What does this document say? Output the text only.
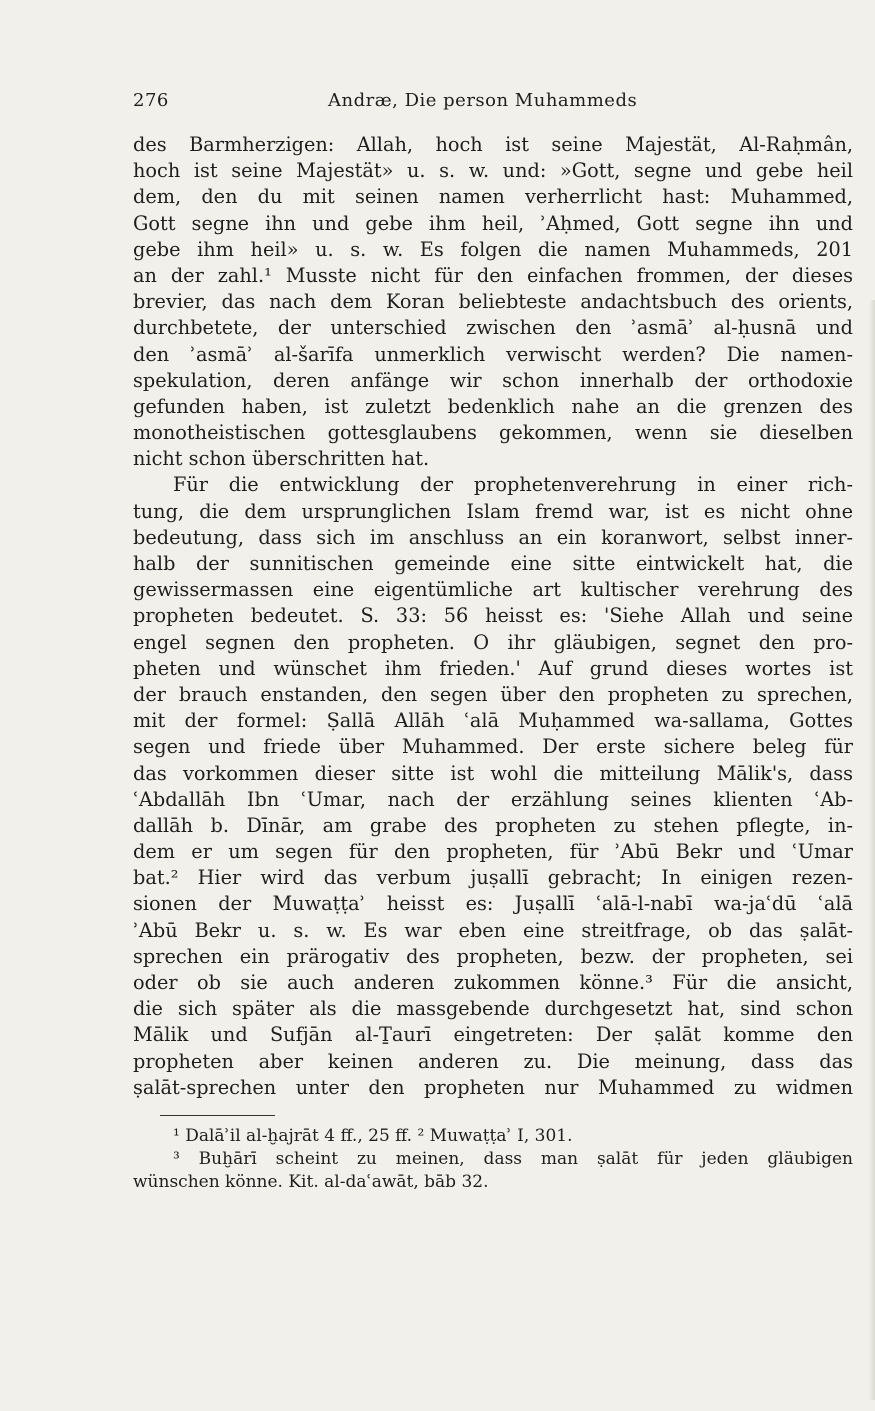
276	Andræ, Die person Muhammeds
des Barmherzigen: Allah, hoch ist seine Majestät, Al-Raḥmân,
hoch ist seine Majestät» u. s. w. und: »Gott, segne und gebe heil
dem, den du mit seinen namen verherrlicht hast: Muhammed,
Gott segne ihn und gebe ihm heil, ʾAḥmed, Gott segne ihn und
gebe ihm heil» u. s. w. Es folgen die namen Muhammeds, 201
an der zahl.¹ Musste nicht für den einfachen frommen, der dieses
brevier, das nach dem Koran beliebteste andachtsbuch des orients,
durchbetete, der unterschied zwischen den ʾasmāʾ al-ḥusnā und
den ʾasmāʾ al-šarīfa unmerklich verwischt werden? Die namen-
spekulation, deren anfänge wir schon innerhalb der orthodoxie
gefunden haben, ist zuletzt bedenklich nahe an die grenzen des
monotheistischen gottesglaubens gekommen, wenn sie dieselben
nicht schon überschritten hat.
Für die entwicklung der prophetenverehrung in einer rich-
tung, die dem ursprunglichen Islam fremd war, ist es nicht ohne
bedeutung, dass sich im anschluss an ein koranwort, selbst inner-
halb der sunnitischen gemeinde eine sitte eintwickelt hat, die
gewissermassen eine eigentümliche art kultischer verehrung des
propheten bedeutet. S. 33: 56 heisst es: 'Siehe Allah und seine
engel segnen den propheten. O ihr gläubigen, segnet den pro-
pheten und wünschet ihm frieden.' Auf grund dieses wortes ist
der brauch enstanden, den segen über den propheten zu sprechen,
mit der formel: Ṣallā Allāh ʿalā Muḥammed wa-sallama, Gottes
segen und friede über Muhammed. Der erste sichere beleg für
das vorkommen dieser sitte ist wohl die mitteilung Mālik's, dass
ʿAbdallāh Ibn ʿUmar, nach der erzählung seines klienten ʿAb-
dallāh b. Dīnār, am grabe des propheten zu stehen pflegte, in-
dem er um segen für den propheten, für ʾAbū Bekr und ʿUmar
bat.² Hier wird das verbum juṣallī gebracht; In einigen rezen-
sionen der Muwaṭṭaʾ heisst es: Juṣallī ʿalā-l-nabī wa-jaʿdū ʿalā
ʾAbū Bekr u. s. w. Es war eben eine streitfrage, ob das ṣalāt-
sprechen ein prärogativ des propheten, bezw. der propheten, sei
oder ob sie auch anderen zukommen könne.³ Für die ansicht,
die sich später als die massgebende durchgesetzt hat, sind schon
Mālik und Sufjān al-Ṯaurī eingetreten: Der ṣalāt komme den
propheten aber keinen anderen zu. Die meinung, dass das
ṣalāt-sprechen unter den propheten nur Muhammed zu widmen
¹ Dalāʾil al-ḫajrāt 4 ff., 25 ff. ² Muwaṭṭaʾ I, 301.
³ Buḫārī scheint zu meinen, dass man ṣalāt für jeden gläubigen
wünschen könne. Kit. al-daʿawāt, bāb 32.
